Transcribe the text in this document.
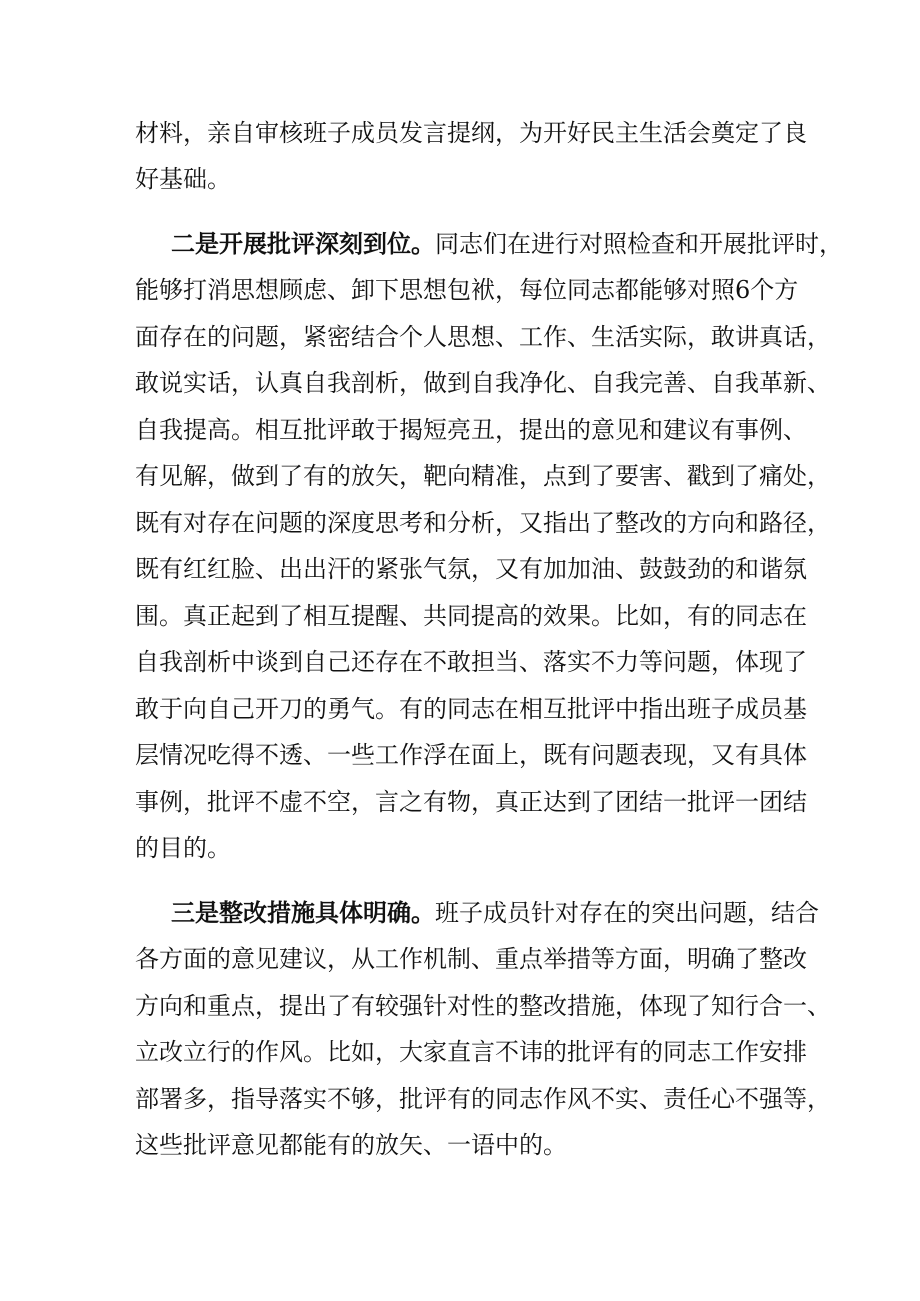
材料，亲自审核班子成员发言提纲，为开好民主生活会奠定了良
好基础。
二是开展批评深刻到位。同志们在进行对照检查和开展批评时，
能够打消思想顾虑、卸下思想包袱，每位同志都能够对照6个方
面存在的问题，紧密结合个人思想、工作、生活实际，敢讲真话，
敢说实话，认真自我剖析，做到自我净化、自我完善、自我革新、
自我提高。相互批评敢于揭短亮丑，提出的意见和建议有事例、
有见解，做到了有的放矢，靶向精准，点到了要害、戳到了痛处，
既有对存在问题的深度思考和分析，又指出了整改的方向和路径，
既有红红脸、出出汗的紧张气氛，又有加加油、鼓鼓劲的和谐氛
围。真正起到了相互提醒、共同提高的效果。比如，有的同志在
自我剖析中谈到自己还存在不敢担当、落实不力等问题，体现了
敢于向自己开刀的勇气。有的同志在相互批评中指出班子成员基
层情况吃得不透、一些工作浮在面上，既有问题表现，又有具体
事例，批评不虚不空，言之有物，真正达到了团结一批评一团结
的目的。
三是整改措施具体明确。班子成员针对存在的突出问题，结合
各方面的意见建议，从工作机制、重点举措等方面，明确了整改
方向和重点，提出了有较强针对性的整改措施，体现了知行合一、
立改立行的作风。比如，大家直言不讳的批评有的同志工作安排
部署多，指导落实不够，批评有的同志作风不实、责任心不强等，
这些批评意见都能有的放矢、一语中的。
